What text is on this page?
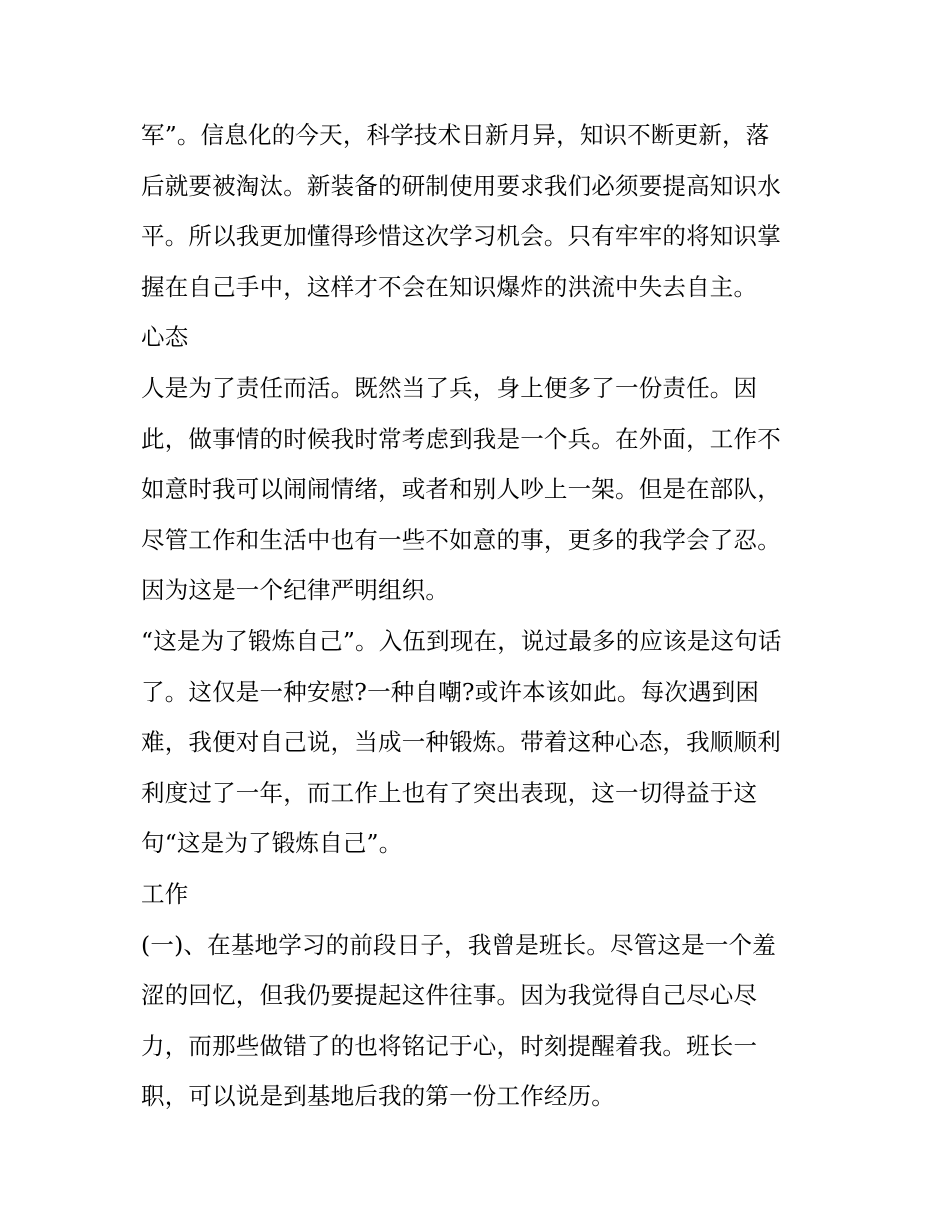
军”。信息化的今天，科学技术日新月异，知识不断更新，落
后就要被淘汰。新装备的研制使用要求我们必须要提高知识水
平。所以我更加懂得珍惜这次学习机会。只有牢牢的将知识掌
握在自己手中，这样才不会在知识爆炸的洪流中失去自主。
心态
人是为了责任而活。既然当了兵，身上便多了一份责任。因
此，做事情的时候我时常考虑到我是一个兵。在外面，工作不
如意时我可以闹闹情绪，或者和别人吵上一架。但是在部队，
尽管工作和生活中也有一些不如意的事，更多的我学会了忍。
因为这是一个纪律严明组织。
“这是为了锻炼自己”。入伍到现在，说过最多的应该是这句话
了。这仅是一种安慰?一种自嘲?或许本该如此。每次遇到困
难，我便对自己说，当成一种锻炼。带着这种心态，我顺顺利
利度过了一年，而工作上也有了突出表现，这一切得益于这
句“这是为了锻炼自己”。
工作
(一)、在基地学习的前段日子，我曾是班长。尽管这是一个羞
涩的回忆，但我仍要提起这件往事。因为我觉得自己尽心尽
力，而那些做错了的也将铭记于心，时刻提醒着我。班长一
职，可以说是到基地后我的第一份工作经历。
